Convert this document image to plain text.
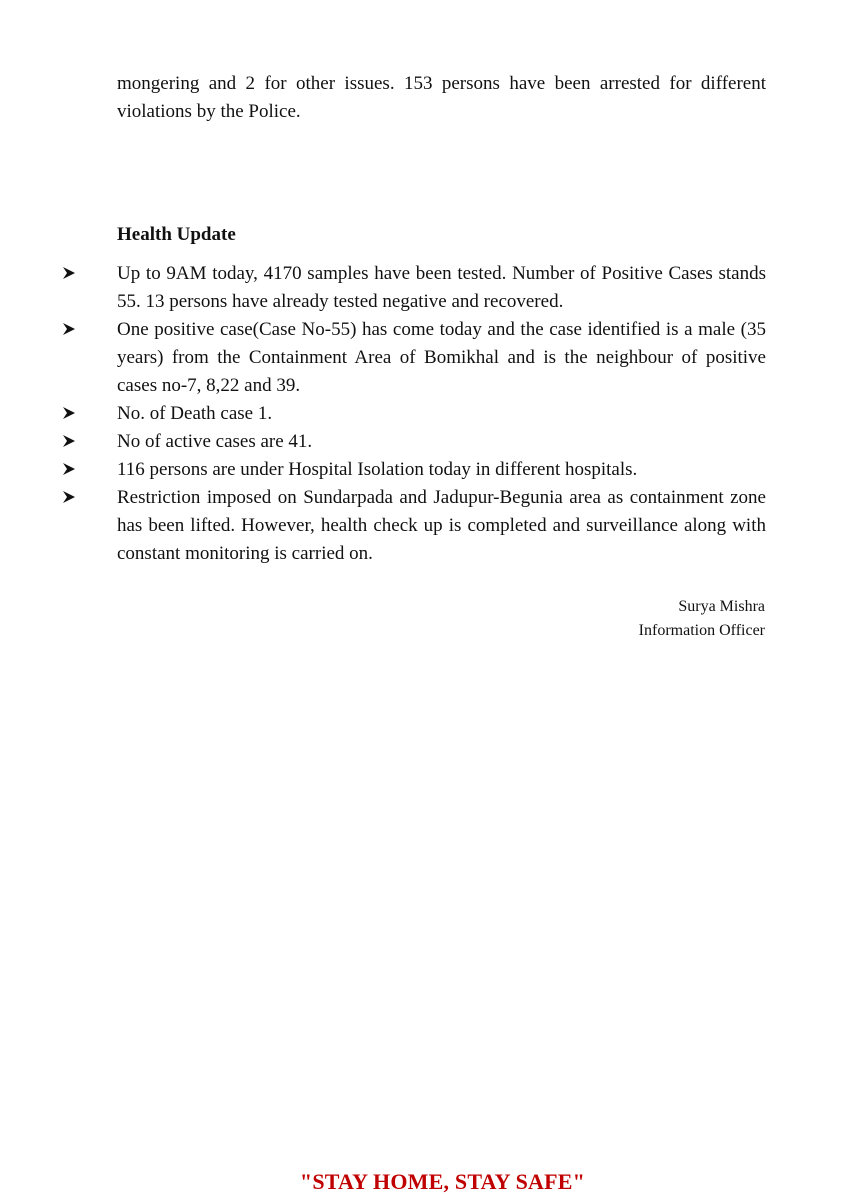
mongering and 2 for other issues. 153 persons have been arrested for different violations by the Police.

Health Update
Up to 9AM today, 4170 samples have been tested. Number of Positive Cases stands 55. 13 persons have already tested negative and recovered.
One positive case(Case No-55) has come today and the case identified is a male (35 years) from the Containment Area of Bomikhal and is the neighbour of positive cases no-7, 8,22 and 39.
No. of Death case 1.
No of active cases are 41.
116 persons are under Hospital Isolation today in different hospitals.
Restriction imposed on Sundarpada and Jadupur-Begunia area as containment zone has been lifted. However, health check up is completed and surveillance along with constant monitoring is carried on.
Surya Mishra
Information Officer
"STAY HOME, STAY SAFE"
